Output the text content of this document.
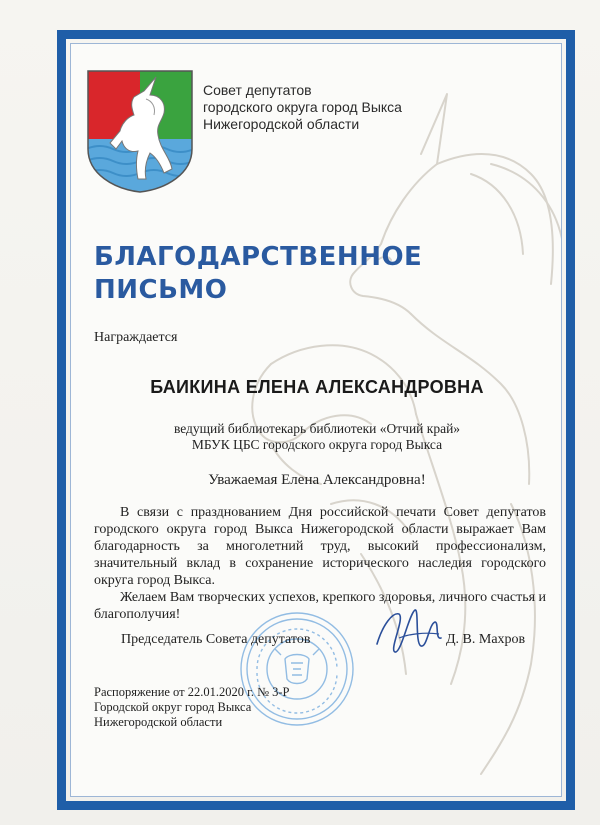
Совет депутатов
городского округа город Выкса
Нижегородской области
БЛАГОДАРСТВЕННОЕ
ПИСЬМО
Награждается
БАИКИНА ЕЛЕНА АЛЕКСАНДРОВНА
ведущий библиотекарь библиотеки «Отчий край»
МБУК ЦБС городского округа город Выкса
Уважаемая Елена Александровна!

В связи с празднованием Дня российской печати Совет депутатов городского округа город Выкса Нижегородской области выражает Вам благодарность за многолетний труд, высокий профессионализм, значительный вклад в сохранение исторического наследия городского округа город Выкса.

Желаем Вам творческих успехов, крепкого здоровья, личного счастья и благополучия!

Председатель Совета депутатов	Д. В. Махров
Распоряжение от 22.01.2020 г. № 3-Р
Городской округ город Выкса
Нижегородской области
